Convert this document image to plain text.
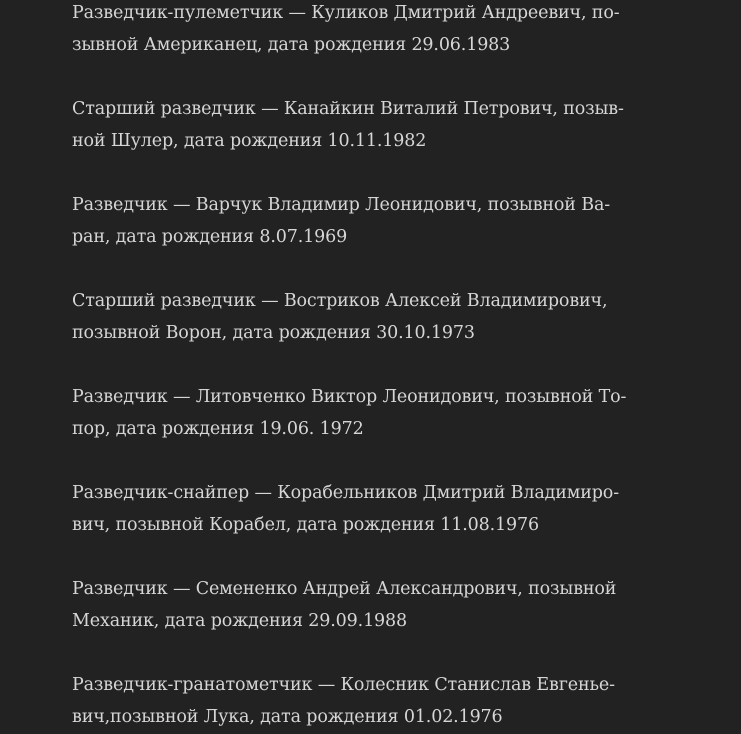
Разведчик-пулеметчик — Куликов Дмитрий Андреевич, по-
зывной Американец, дата рождения 29.06.1983
Старший разведчик — Канайкин Виталий Петрович, позыв-
ной Шулер, дата рождения 10.11.1982
Разведчик — Варчук Владимир Леонидович, позывной Ва-
ран, дата рождения 8.07.1969
Старший разведчик — Востриков Алексей Владимирович,
позывной Ворон, дата рождения 30.10.1973
Разведчик — Литовченко Виктор Леонидович, позывной То-
пор, дата рождения 19.06. 1972
Разведчик-снайпер — Корабельников Дмитрий Владимиро-
вич, позывной Корабел, дата рождения 11.08.1976
Разведчик — Семененко Андрей Александрович, позывной
Механик, дата рождения 29.09.1988
Разведчик-гранатометчик — Колесник Станислав Евгенье-
вич,позывной Лука, дата рождения 01.02.1976
